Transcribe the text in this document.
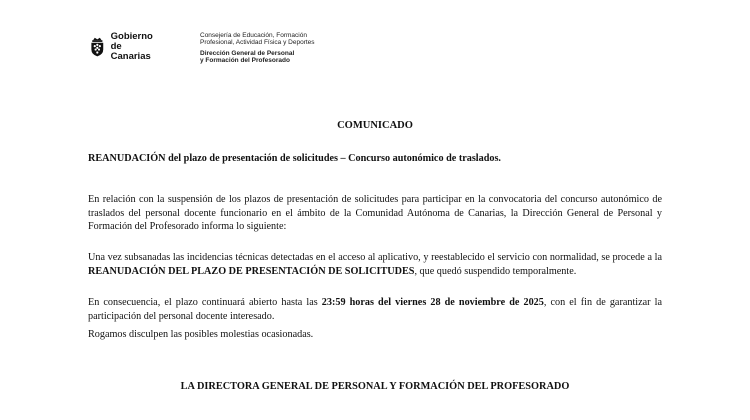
Gobierno
de Canarias
Consejería de Educación, Formación
Profesional, Actividad Física y Deportes
Dirección General de Personal
y Formación del Profesorado
COMUNICADO
REANUDACIÓN del plazo de presentación de solicitudes – Concurso autonómico de traslados.
En relación con la suspensión de los plazos de presentación de solicitudes para participar en la convocatoria del concurso autonómico de traslados del personal docente funcionario en el ámbito de la Comunidad Autónoma de Canarias, la Dirección General de Personal y Formación del Profesorado informa lo siguiente:
Una vez subsanadas las incidencias técnicas detectadas en el acceso al aplicativo, y reestablecido el servicio con normalidad, se procede a la REANUDACIÓN DEL PLAZO DE PRESENTACIÓN DE SOLICITUDES, que quedó suspendido temporalmente.
En consecuencia, el plazo continuará abierto hasta las 23:59 horas del viernes 28 de noviembre de 2025, con el fin de garantizar la participación del personal docente interesado.
Rogamos disculpen las posibles molestias ocasionadas.
LA DIRECTORA GENERAL DE PERSONAL Y FORMACIÓN DEL PROFESORADO
